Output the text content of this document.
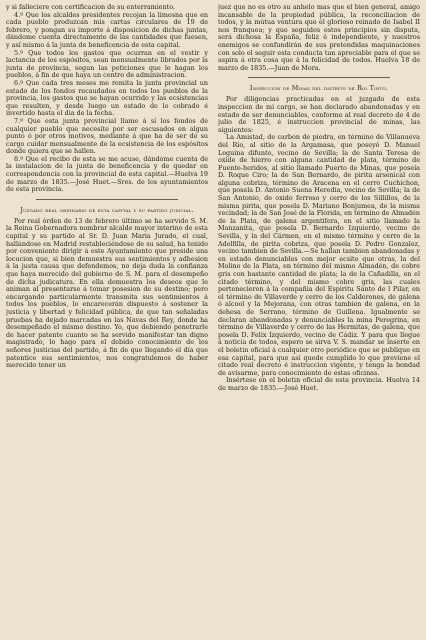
y si falleciere con certificacion de su enterramiento.

4.º Que los alcaldes presidentes recojan la limosna que en cada pueblo produzcan mis cartas circulares de 19 de febrero, y pongan su importe á disposicion de dichas juntas, dándome cuenta directamente de las cantidades que fuesen, y así mismo á la junta de beneficencia de esta capital.

5.º Que todos los gastos que ocurran en el vestir y lactancia de los espósitos, sean mensualmente librados por la junta de provincia, segun las peticiones que le hagan los pueblos, á fin de que haya un centro de administracion.

6.º Que cada tres meses me remita la junta provincial un estado de los fondos recaudados en todos los pueblos de la provincia, los gastos que se hayan ocurrido y las ecsistencias que resulten, y desde luego un estado de lo cobrado é invertido hasta el dia de la fecha.

7.º Que esta junta provincial llame á sí los fondos de cualquier pueblo que necesite por ser escusados en algun punto ó por otros motivos, mediante á que ha de ser de su cargo cuidar mensualmente de la ecsistencia de los espósitos donde quiera que se hallen.

8.º Que el recibo de esta se me acuse, dándome cuenta de la instalacion de la junta de beneficencia y de quedar en correspondencia con la provincial de esta capital.—Huelva 19 de marzo de 1835.—José Huet.—Sres. de los ayuntamientos de esta provincia.

Juzgado real ordinario de esta capital y su partido judicial.

Por real órden de 13 de febrero último se ha servido S. M. la Reina Gobernadora nombrar alcalde mayor interino de esta capital y su partido al Sr. D. Juan Maria Jurado, el cual, hallándose en Madrid restableciéndose de su salud, ha tenido por conveniente dirigir á este Ayuntamiento que preside una locucion que, si bien demuestra sus sentimientos y adhesion á la justa causa que defendemos, no deja duda la confianza que haya merecido del gobierno de S. M. para el desempeño de dicha judicatura. En ella demuestra los deseos que le animan al presentarse á tomar posesion de su destino; pero encargando particularmente transmita sus sentimientos á todos los pueblos, lo encarecerán dispuesto á sostener la justicia y libertad y felicidad pública, de que tan señaladas pruebas ha dejado marcadas en las Navas del Rey, donde ha desempeñado el mismo destino. Yo, que debiendo penetrarle de hacer patente cuanto se ha servido manifestar tan digno magistrado, lo hago para el debido conocimiento de los señores justicias del partido, á fin de que llegando el día que patentice sus sentimientos, nos congratulemos de haber merecido tener un

juez que no es otro su anhelo mas que el bien general, amigo incansable de la propiedad pública, la reconciliacion de todos, y la mútua ventura que el glorioso reinado de Isabel II nos franquea; y que seguidos estos principios sin disputa, será dichosa la España, feliz é independiente, y nuestros enemigos se confundirán de sus pretendidas maquinaciones con solo el seguir esta conducta tan apreciable para el que se aspira á otra cosa que á la felicidad de todos. Huelva 18 de marzo de 1835.—Juan de Mora.

Inspeccion de Minas del distrito de Rio Tinto.

Por diligencias practicadas en el juzgado de esta inspeccion de mi cargo, se han declarado abandonadas y en estado de ser denunciables, conforme al real decreto de 4 de julio de 1825, é instruccion provincial de minas, las siguientes:

La Amistad, de carbon de piedra, en término de Villanueva del Rio, al sitio de la Argamasa, que poseyó D. Manuel Leguina difunto, vecino de Sevilla; la de Santa Teresa de oxide de hierro con alguna cantidad de plata, término de Fuente-heridos, al sitio llamado Puerto de Minas, que poseía D. Roque Ciro; la de San Bernardo, de pirita arsenical con alguna cobriza, término de Aracena en el cerro Cuchichon, que posela D. Antonio Suena Heredia, vecino de Sevilla; la de San Antonio, de oxido ferroso y cerro de los Sillillos, de la misma pirita, que posela D. Mariano Bonjumea, de la misma vecindad; la de San José de la Florida, en término de Almadén de la Plata, de galena argentifera, en el sitio llamado la Manzanita, que posela D. Bernardo Izquierdo, vecino de Sevilla, y la del Cármen, en el mismo término y cerro de la Adelfilla, de pirita cobriza, que posela D. Pedro Gonzalez, vecino tambien de Sevilla.—Se hallan tambien abandonadas y en estado denunciables con mejor ecsito que otras, la del Molino de la Plata, en término del mismo Almadén, de cobre gris con bastante cantidad de plata; la de la Cañadilla, en el citado término, y del mismo cobre gris, las cuales pertenecieron á la compañia del Espiritu Santo de l Pilar, en el término de Villaverde y cerro de los Calderones, de galena ó alcool y la Mejorana, con otras tambien de galena, en la dehesa de Serrano, término de Guillena. Igualmente se declaran abandonadas y denunciables la mina Peregrina, en término de Villaverde y cerro de las Hermitas, de galena, que posela D. Felix Izquierdo, vecino de Cádiz. Y para que llegue á noticia de todos, espero se sirva V. S. mandar se inserte en el boletin oficial á cualquier otro periódico que se publique en esa capital, para que así quede cumplido lo que previene el citado real decreto é instruccion vigente, y tenga la bondad de avisarme, para conocimiento de estas oficinas.

Insértese en el boletin oficial de esta provincia. Huelva 14 de marzo de 1835.—José Huet.
